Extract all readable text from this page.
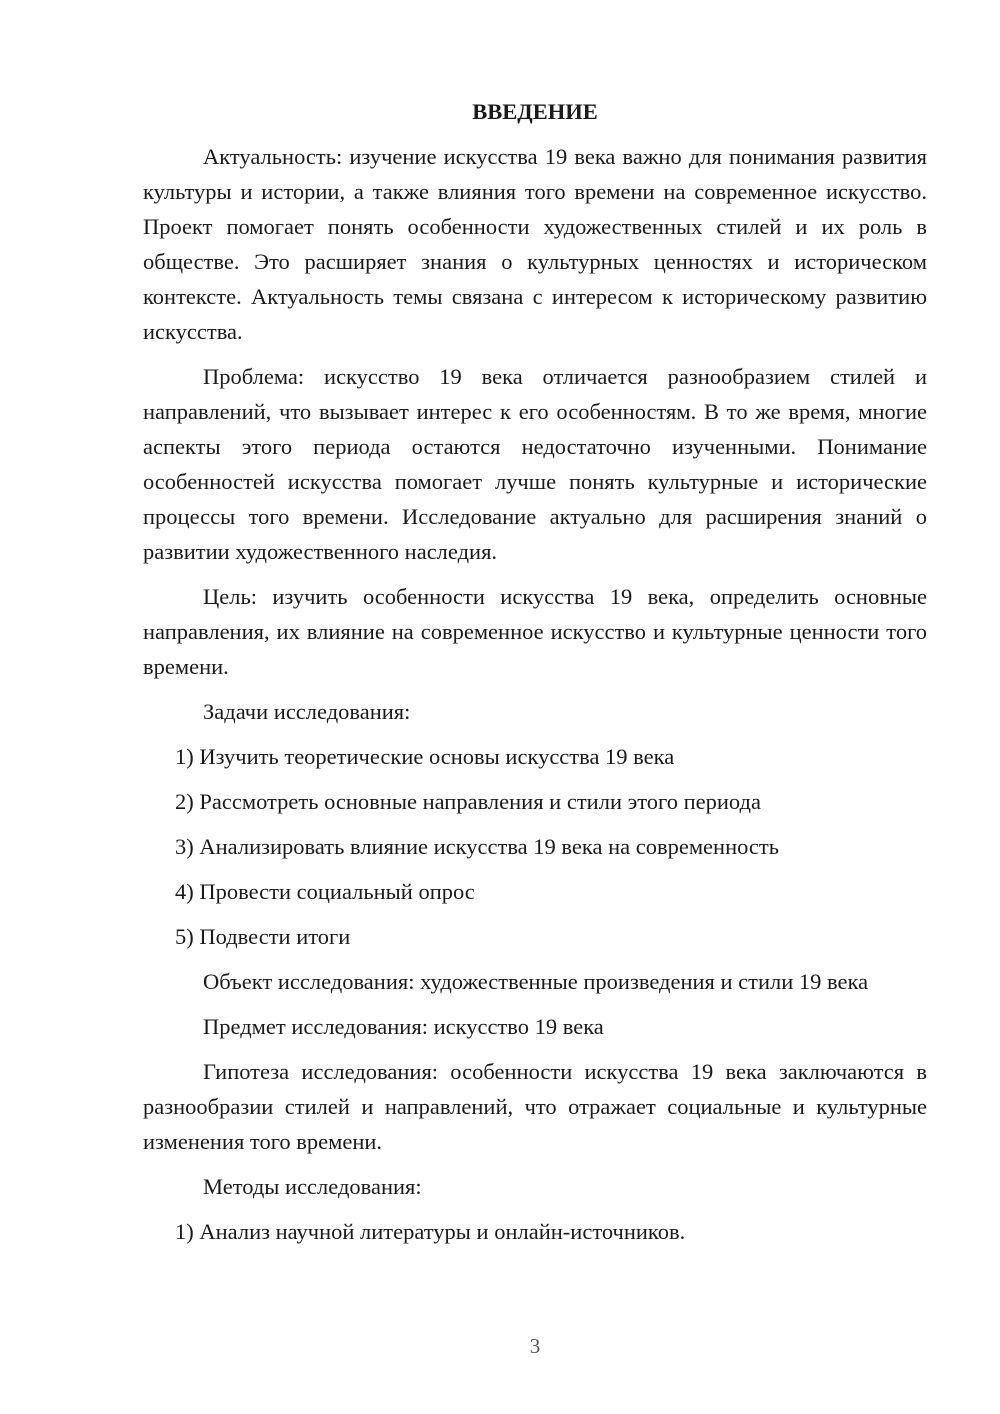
ВВЕДЕНИЕ

Актуальность: изучение искусства 19 века важно для понимания развития культуры и истории, а также влияния того времени на современное искусство. Проект помогает понять особенности художественных стилей и их роль в обществе. Это расширяет знания о культурных ценностях и историческом контексте. Актуальность темы связана с интересом к историческому развитию искусства.

Проблема: искусство 19 века отличается разнообразием стилей и направлений, что вызывает интерес к его особенностям. В то же время, многие аспекты этого периода остаются недостаточно изученными. Понимание особенностей искусства помогает лучше понять культурные и исторические процессы того времени. Исследование актуально для расширения знаний о развитии художественного наследия.

Цель: изучить особенности искусства 19 века, определить основные направления, их влияние на современное искусство и культурные ценности того времени.

Задачи исследования:

1) Изучить теоретические основы искусства 19 века

2) Рассмотреть основные направления и стили этого периода

3) Анализировать влияние искусства 19 века на современность

4) Провести социальный опрос

5) Подвести итоги

Объект исследования: художественные произведения и стили 19 века

Предмет исследования: искусство 19 века

Гипотеза исследования: особенности искусства 19 века заключаются в разнообразии стилей и направлений, что отражает социальные и культурные изменения того времени.

Методы исследования:

1) Анализ научной литературы и онлайн-источников.

3
